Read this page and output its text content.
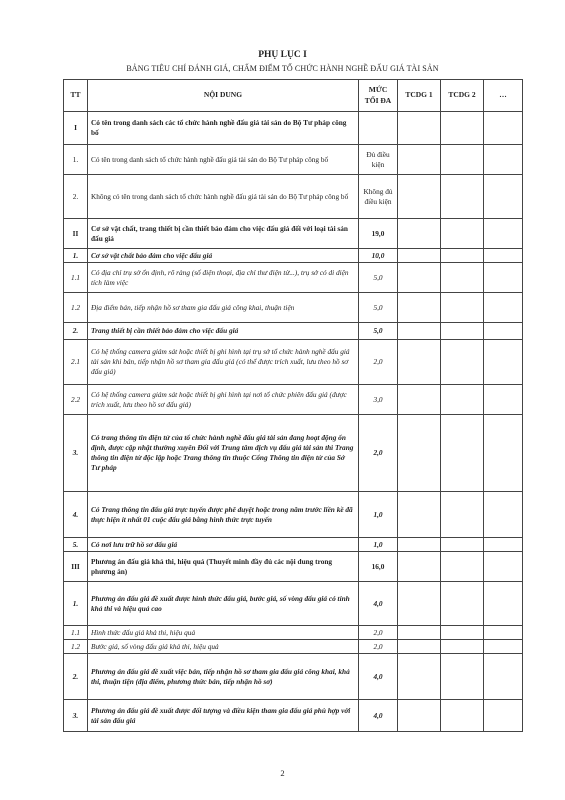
PHỤ LỤC I
BẢNG TIÊU CHÍ ĐÁNH GIÁ, CHẤM ĐIỂM TỔ CHỨC HÀNH NGHỀ ĐẤU GIÁ TÀI SẢN
TT	NỘI DUNG	MỨC TỐI ĐA	TCDG 1	TCDG 2	…
I	Có tên trong danh sách các tổ chức hành nghề đấu giá tài sản do Bộ Tư pháp công bố				
1.	Có tên trong danh sách tổ chức hành nghề đấu giá tài sản do Bộ Tư pháp công bố	Đủ điều kiện			
2.	Không có tên trong danh sách tổ chức hành nghề đấu giá tài sản do Bộ Tư pháp công bố	Không đủ điều kiện			
II	Cơ sở vật chất, trang thiết bị cần thiết bảo đảm cho việc đấu giá đối với loại tài sản đấu giá	19,0			
1.	Cơ sở vật chất bảo đảm cho việc đấu giá	10,0			
1.1	Có địa chỉ trụ sở ổn định, rõ ràng (số điện thoại, địa chỉ thư điện tử...), trụ sở có di diện tích làm việc	5,0			
1.2	Địa điểm bán, tiếp nhận hồ sơ tham gia đấu giá công khai, thuận tiện	5,0			
2.	Trang thiết bị cần thiết bảo đảm cho việc đấu giá	5,0			
2.1	Có hệ thống camera giám sát hoặc thiết bị ghi hình tại trụ sở tổ chức hành nghề đấu giá tài sản khi bán, tiếp nhận hồ sơ tham gia đấu giá (có thể được trích xuất, lưu theo hồ sơ đấu giá)	2,0			
2.2	Có hệ thống camera giám sát hoặc thiết bị ghi hình tại nơi tổ chức phiên đấu giá (được trích xuất, lưu theo hồ sơ đấu giá)	3,0			
3.	Có trang thông tin điện tử của tổ chức hành nghề đấu giá tài sản đang hoạt động ổn định, được cập nhật thường xuyên Đối với Trung tâm dịch vụ đấu giá tài sản thì Trang thông tin điện tử độc lập hoặc Trang thông tin thuộc Cổng Thông tin điện tử của Sở Tư pháp	2,0			
4.	Có Trang thông tin đấu giá trực tuyến được phê duyệt hoặc trong năm trước liền kề đã thực hiện ít nhất 01 cuộc đấu giá bằng hình thức trực tuyến	1,0			
5.	Có nơi lưu trữ hồ sơ đấu giá	1,0			
III	Phương án đấu giá khả thi, hiệu quả (Thuyết minh đầy đủ các nội dung trong phương án)	16,0			
1.	Phương án đấu giá đề xuất được hình thức đấu giá, bước giá, số vòng đấu giá có tính khả thi và hiệu quả cao	4,0			
1.1	Hình thức đấu giá khả thi, hiệu quả	2,0			
1.2	Bước giá, số vòng đấu giá khả thi, hiệu quả	2,0			
2.	Phương án đấu giá đề xuất việc bán, tiếp nhận hồ sơ tham gia đấu giá công khai, khả thi, thuận tiện (địa điểm, phương thức bán, tiếp nhận hồ sơ)	4,0			
3.	Phương án đấu giá đề xuất được đối tượng và điều kiện tham gia đấu giá phù hợp với tài sản đấu giá	4,0			
2
